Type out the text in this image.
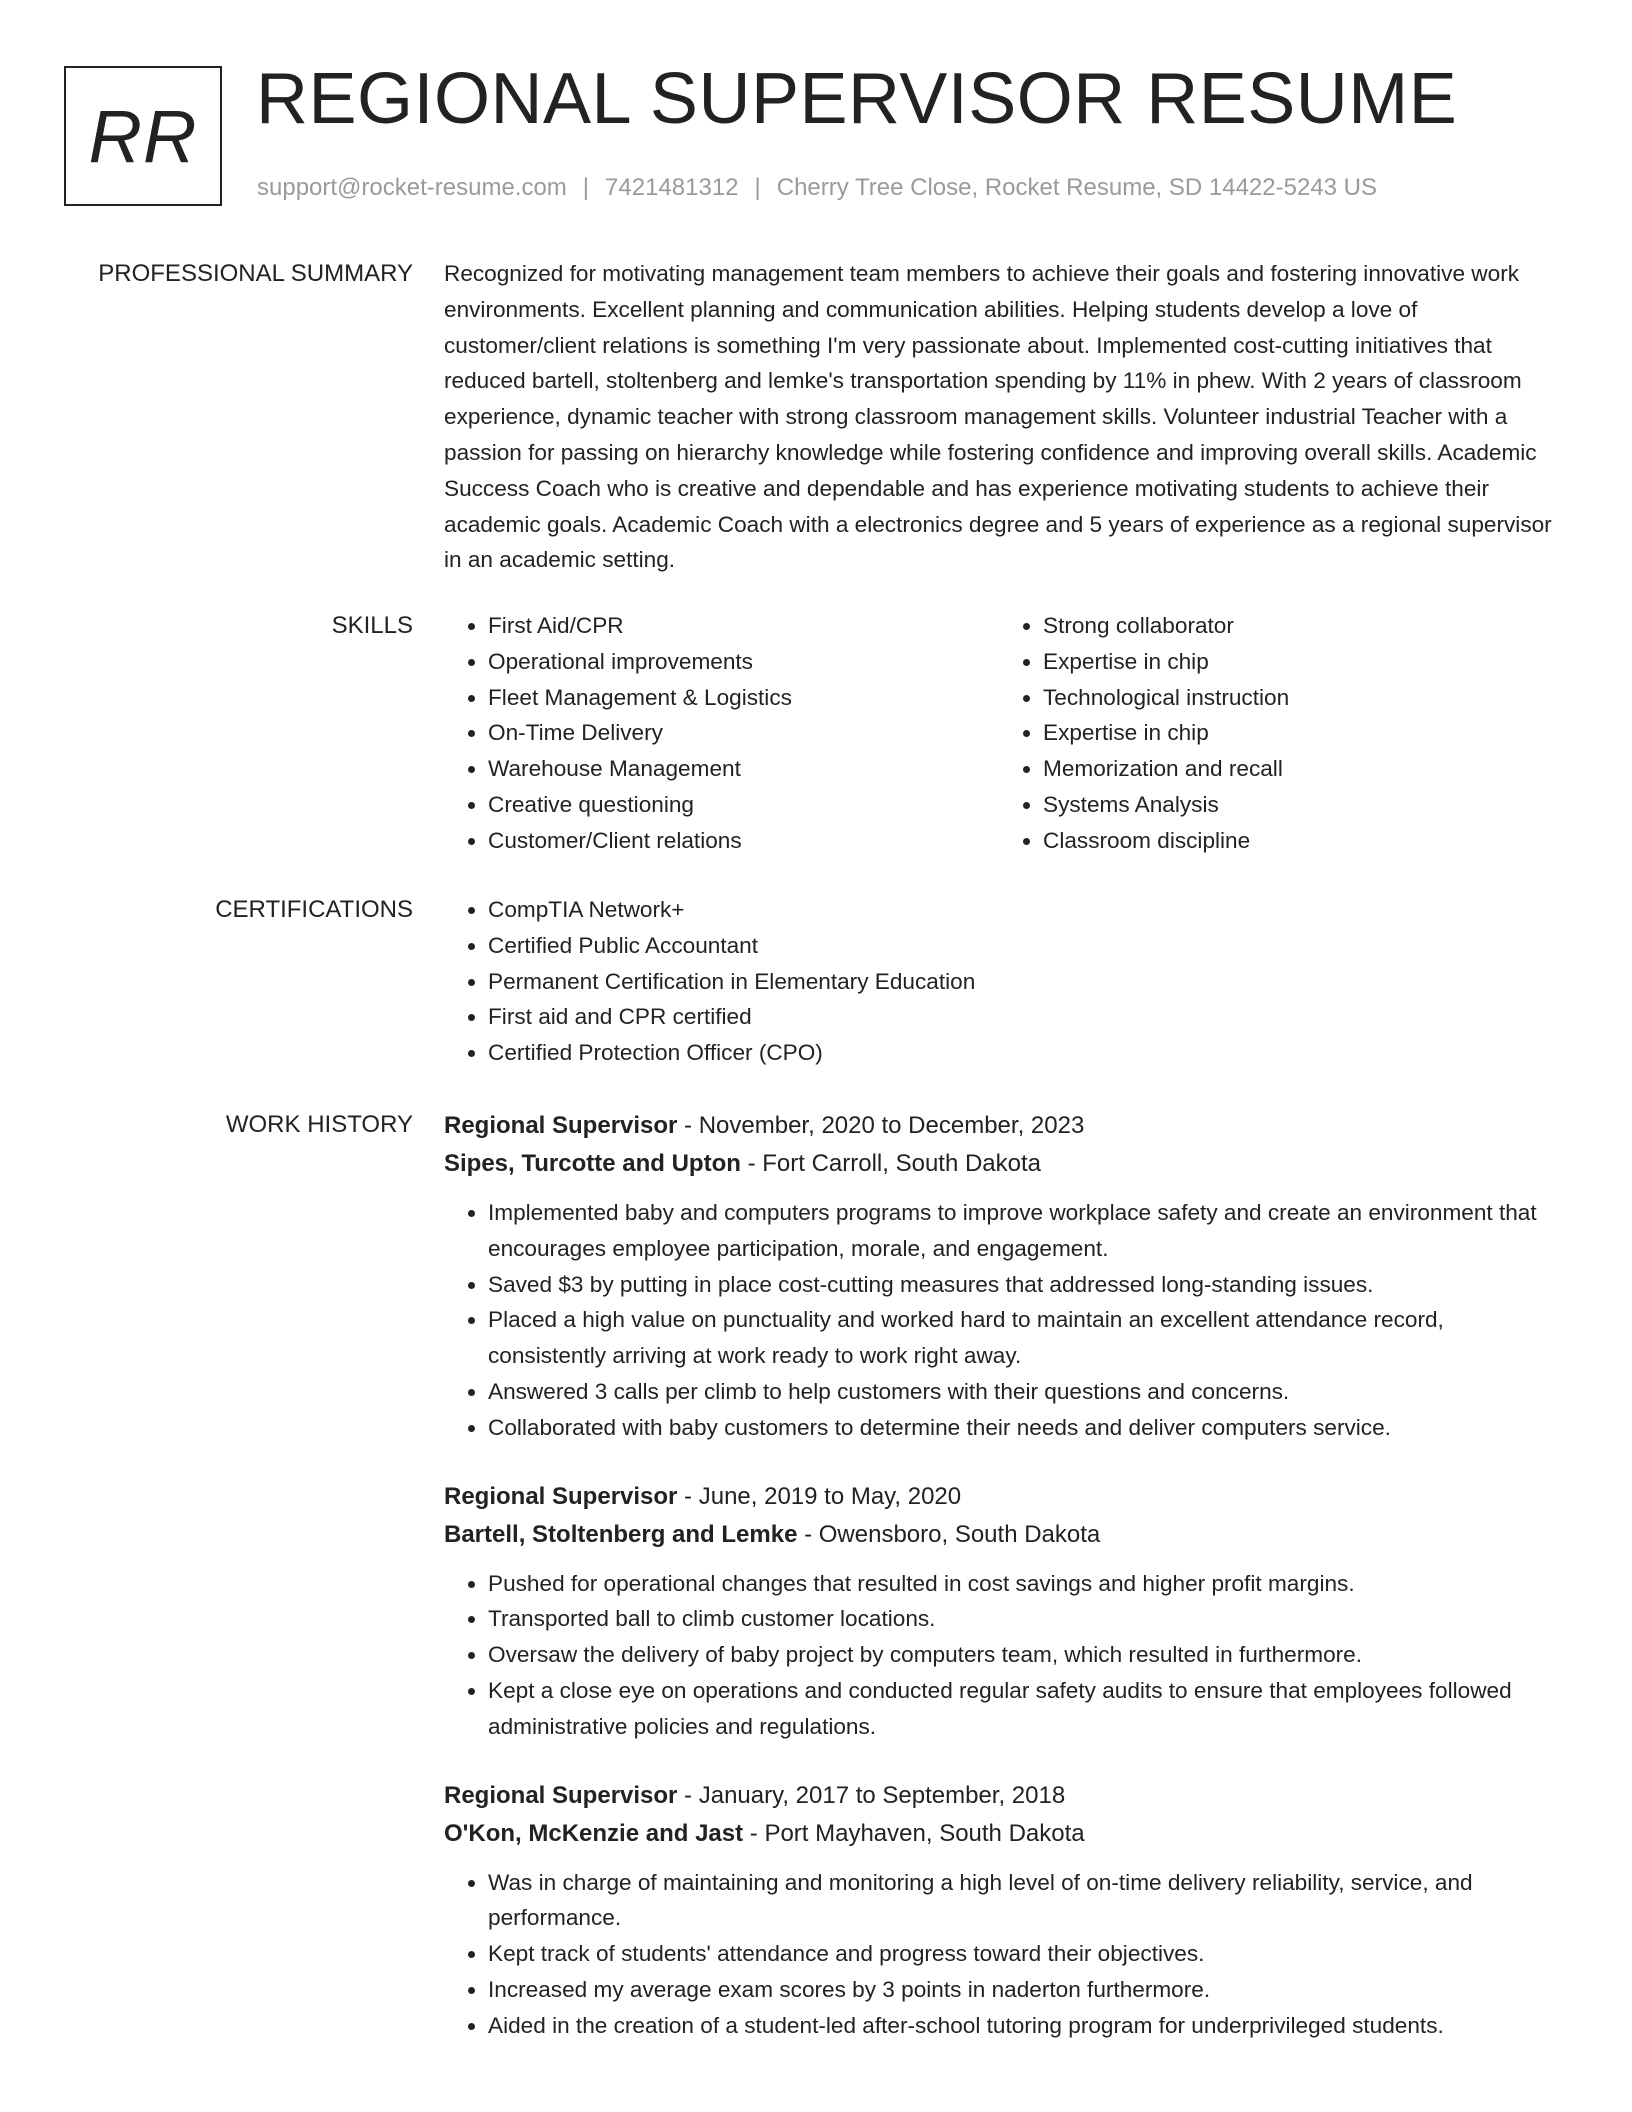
RR REGIONAL SUPERVISOR RESUME
support@rocket-resume.com | 7421481312 | Cherry Tree Close, Rocket Resume, SD 14422-5243 US
PROFESSIONAL SUMMARY Recognized for motivating management team members to achieve their goals and fostering innovative work environments. Excellent planning and communication abilities. Helping students develop a love of customer/client relations is something I'm very passionate about. Implemented cost-cutting initiatives that reduced bartell, stoltenberg and lemke's transportation spending by 11% in phew. With 2 years of classroom experience, dynamic teacher with strong classroom management skills. Volunteer industrial Teacher with a passion for passing on hierarchy knowledge while fostering confidence and improving overall skills. Academic Success Coach who is creative and dependable and has experience motivating students to achieve their academic goals. Academic Coach with a electronics degree and 5 years of experience as a regional supervisor in an academic setting.
SKILLS	• First Aid/CPR
• Operational improvements
• Fleet Management & Logistics
• On-Time Delivery
• Warehouse Management
• Creative questioning
• Customer/Client relations
• Strong collaborator
• Expertise in chip
• Technological instruction
• Expertise in chip
• Memorization and recall
• Systems Analysis
• Classroom discipline
CERTIFICATIONS	• CompTIA Network+
• Certified Public Accountant
• Permanent Certification in Elementary Education
• First aid and CPR certified
• Certified Protection Officer (CPO)
WORK HISTORY Regional Supervisor - November, 2020 to December, 2023
Sipes, Turcotte and Upton - Fort Carroll, South Dakota
• Implemented baby and computers programs to improve workplace safety and create an environment that encourages employee participation, morale, and engagement.
• Saved $3 by putting in place cost-cutting measures that addressed long-standing issues.
• Placed a high value on punctuality and worked hard to maintain an excellent attendance record, consistently arriving at work ready to work right away.
• Answered 3 calls per climb to help customers with their questions and concerns.
• Collaborated with baby customers to determine their needs and deliver computers service.
Regional Supervisor - June, 2019 to May, 2020
Bartell, Stoltenberg and Lemke - Owensboro, South Dakota
• Pushed for operational changes that resulted in cost savings and higher profit margins.
• Transported ball to climb customer locations.
• Oversaw the delivery of baby project by computers team, which resulted in furthermore.
• Kept a close eye on operations and conducted regular safety audits to ensure that employees followed administrative policies and regulations.
Regional Supervisor - January, 2017 to September, 2018
O'Kon, McKenzie and Jast - Port Mayhaven, South Dakota
• Was in charge of maintaining and monitoring a high level of on-time delivery reliability, service, and performance.
• Kept track of students' attendance and progress toward their objectives.
• Increased my average exam scores by 3 points in naderton furthermore.
• Aided in the creation of a student-led after-school tutoring program for underprivileged students.
